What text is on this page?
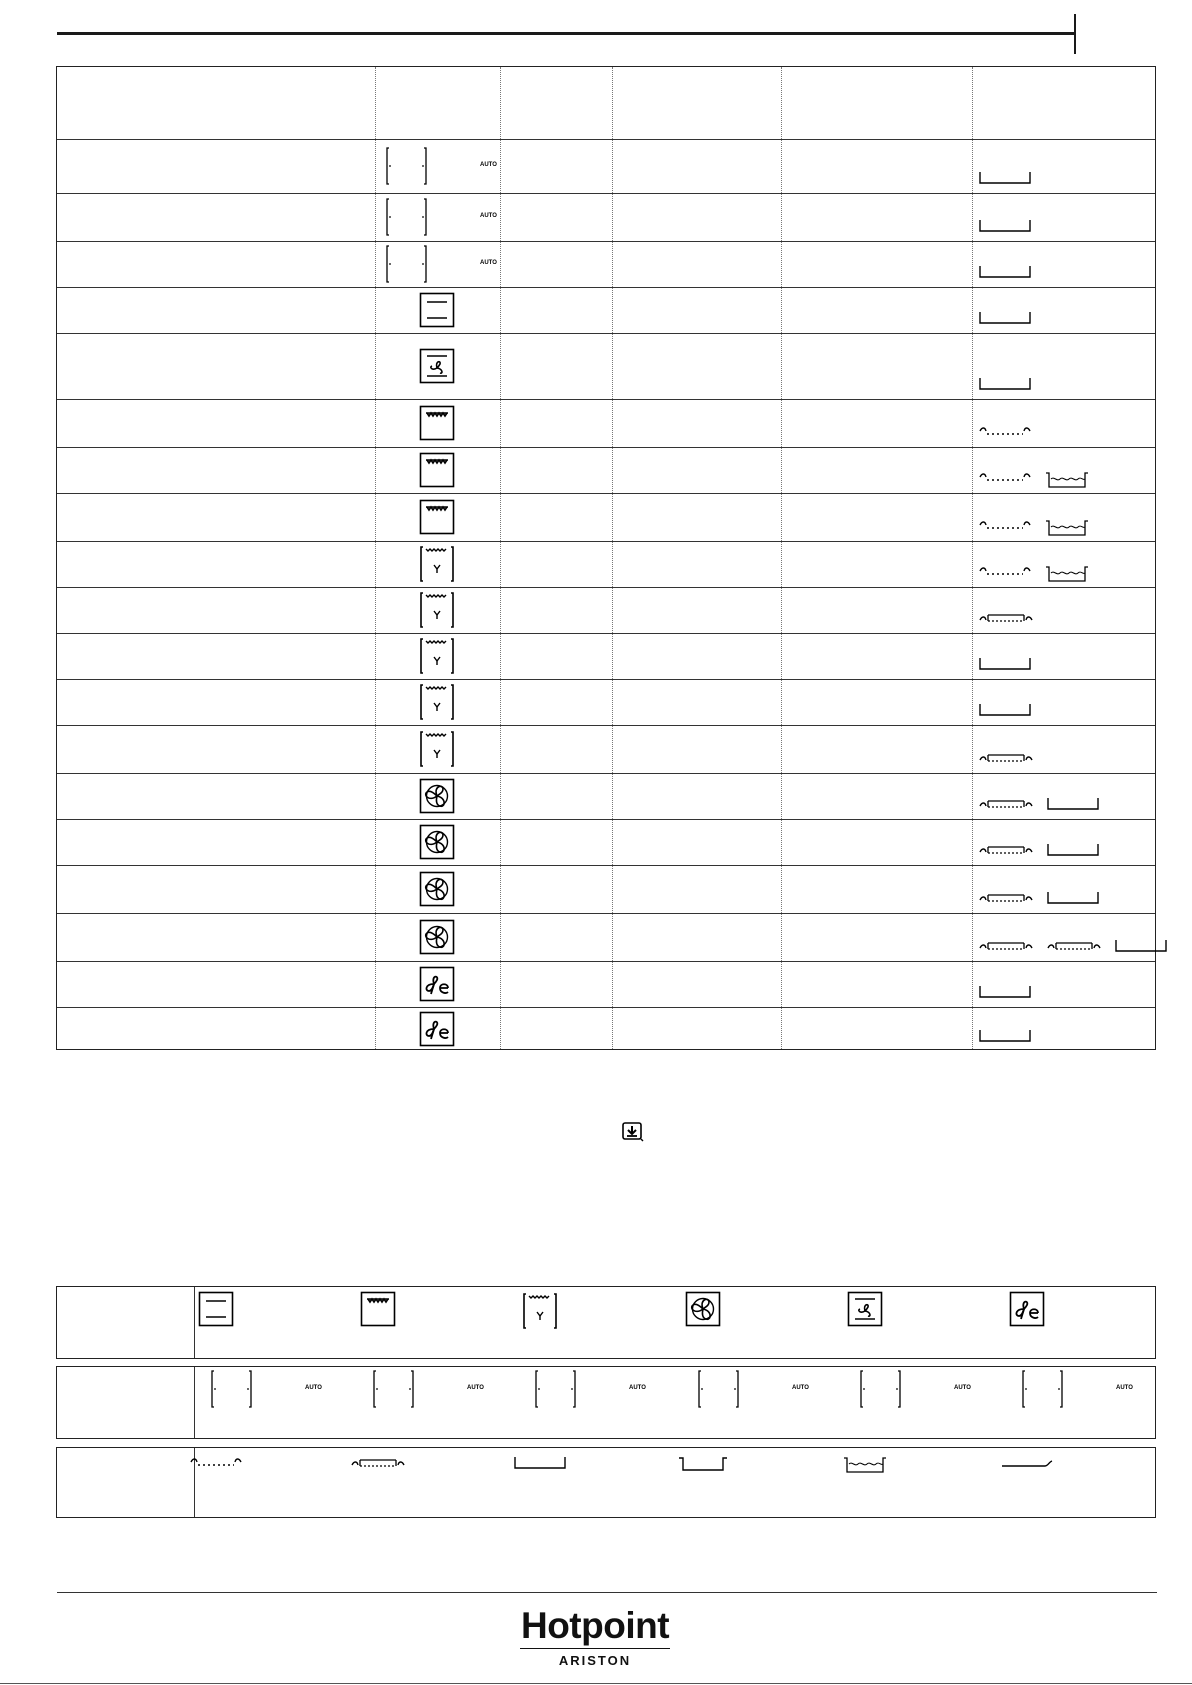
AUTO
AUTO
AUTO
AUTO	AUTO	AUTO	AUTO	AUTO	AUTO
Hotpoint
ARISTON
